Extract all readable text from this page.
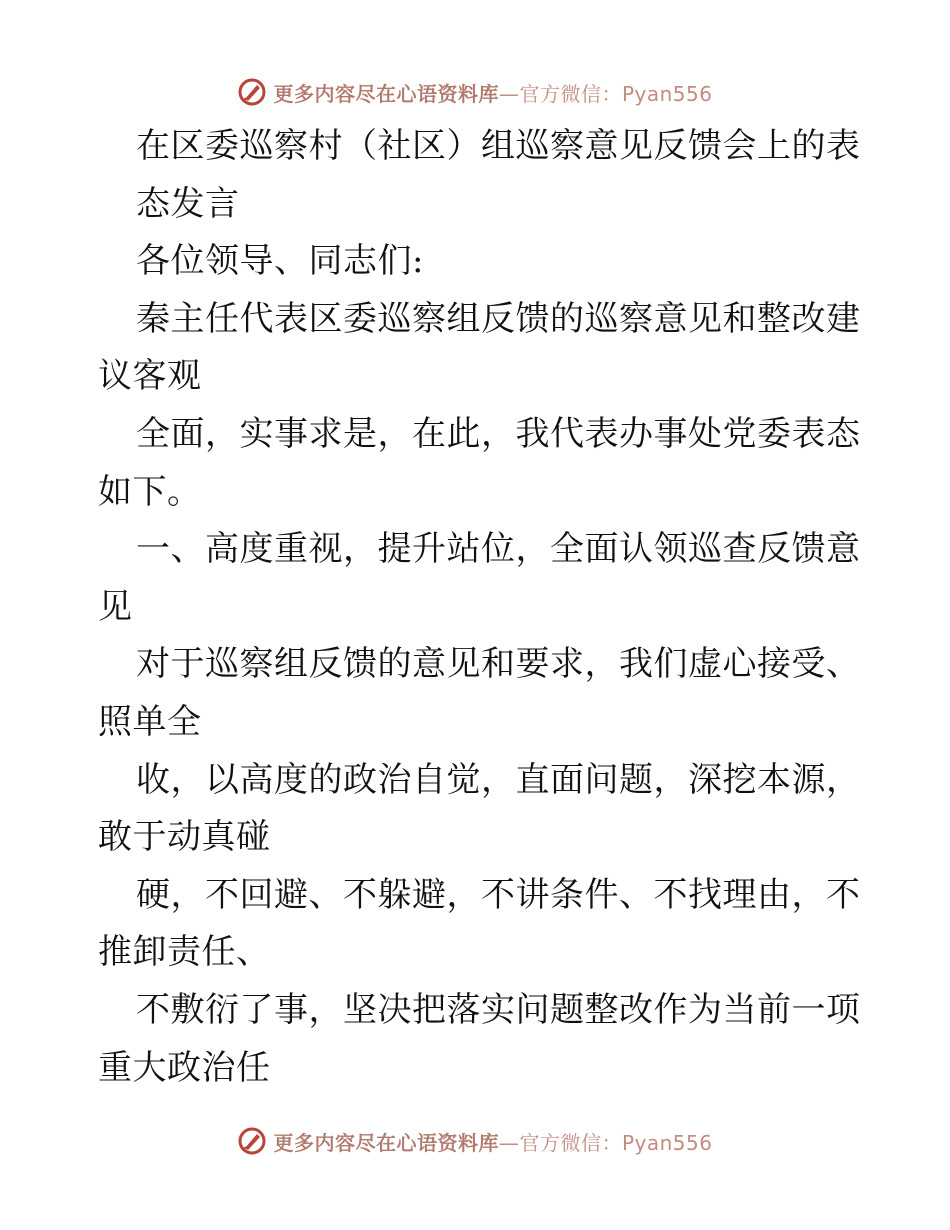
更多内容尽在心语资料库—官方微信：Pyan556
在区委巡察村（社区）组巡察意见反馈会上的表
态发言
各位领导、同志们:
秦主任代表区委巡察组反馈的巡察意见和整改建
议客观
全面，实事求是，在此，我代表办事处党委表态
如下。
一、高度重视，提升站位，全面认领巡查反馈意
见
对于巡察组反馈的意见和要求，我们虚心接受、
照单全
收，以高度的政治自觉，直面问题，深挖本源，
敢于动真碰
硬，不回避、不躲避，不讲条件、不找理由，不
推卸责任、
不敷衍了事，坚决把落实问题整改作为当前一项
重大政治任
更多内容尽在心语资料库—官方微信：Pyan556
